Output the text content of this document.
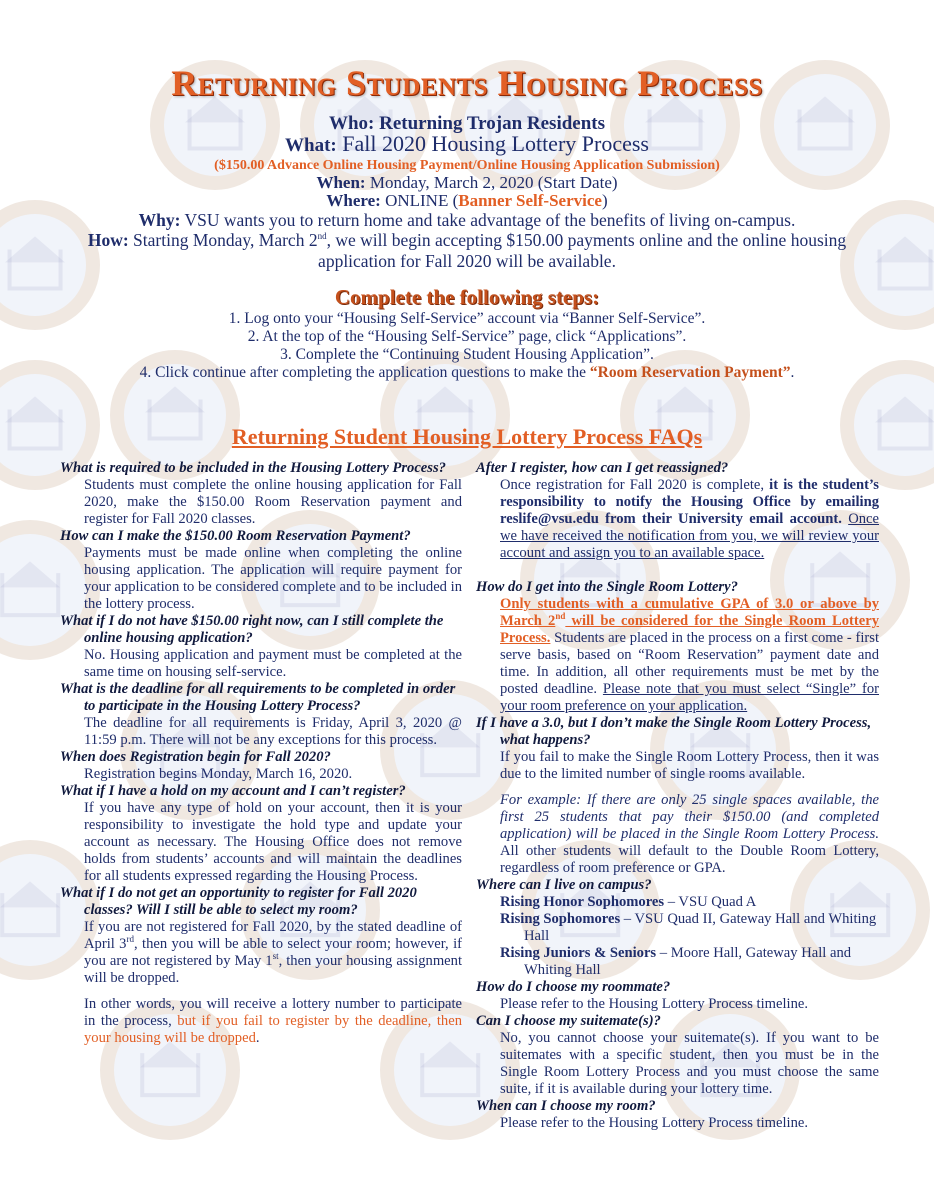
Returning Students Housing Process
Who: Returning Trojan Residents
What: Fall 2020 Housing Lottery Process
($150.00 Advance Online Housing Payment/Online Housing Application Submission)
When: Monday, March 2, 2020 (Start Date)
Where: ONLINE (Banner Self-Service)
Why: VSU wants you to return home and take advantage of the benefits of living on-campus.
How: Starting Monday, March 2nd, we will begin accepting $150.00 payments online and the online housing
application for Fall 2020 will be available.
Complete the following steps:
1. Log onto your “Housing Self-Service” account via “Banner Self-Service”.
2. At the top of the “Housing Self-Service” page, click “Applications”.
3. Complete the “Continuing Student Housing Application”.
4. Click continue after completing the application questions to make the “Room Reservation Payment”.
Returning Student Housing Lottery Process FAQs

What is required to be included in the Housing Lottery Process?

Students must complete the online housing application for Fall 2020, make the $150.00 Room Reservation payment and register for Fall 2020 classes.

How can I make the $150.00 Room Reservation Payment?

Payments must be made online when completing the online housing application. The application will require payment for your application to be considered complete and to be included in the lottery process.

What if I do not have $150.00 right now, can I still complete the online housing application?

No. Housing application and payment must be completed at the same time on housing self-service.

What is the deadline for all requirements to be completed in order to participate in the Housing Lottery Process?

The deadline for all requirements is Friday, April 3, 2020 @ 11:59 p.m. There will not be any exceptions for this process.

When does Registration begin for Fall 2020?

Registration begins Monday, March 16, 2020.

What if I have a hold on my account and I can’t register?

If you have any type of hold on your account, then it is your responsibility to investigate the hold type and update your account as necessary. The Housing Office does not remove holds from students’ accounts and will maintain the deadlines for all students expressed regarding the Housing Process.

What if I do not get an opportunity to register for Fall 2020 classes? Will I still be able to select my room?

If you are not registered for Fall 2020, by the stated deadline of April 3rd, then you will be able to select your room; however, if you are not registered by May 1st, then your housing assignment will be dropped.

In other words, you will receive a lottery number to participate in the process, but if you fail to register by the deadline, then your housing will be dropped.

After I register, how can I get reassigned?

Once registration for Fall 2020 is complete, it is the student’s responsibility to notify the Housing Office by emailing reslife@vsu.edu from their University email account. Once we have received the notification from you, we will review your account and assign you to an available space.

How do I get into the Single Room Lottery?

Only students with a cumulative GPA of 3.0 or above by March 2nd will be considered for the Single Room Lottery Process. Students are placed in the process on a first come - first serve basis, based on “Room Reservation” payment date and time. In addition, all other requirements must be met by the posted deadline. Please note that you must select “Single” for your room preference on your application.

If I have a 3.0, but I don’t make the Single Room Lottery Process, what happens?

If you fail to make the Single Room Lottery Process, then it was due to the limited number of single rooms available.

For example: If there are only 25 single spaces available, the first 25 students that pay their $150.00 (and completed application) will be placed in the Single Room Lottery Process. All other students will default to the Double Room Lottery, regardless of room preference or GPA.

Where can I live on campus?

Rising Honor Sophomores – VSU Quad A

Rising Sophomores – VSU Quad II, Gateway Hall and Whiting Hall

Rising Juniors & Seniors – Moore Hall, Gateway Hall and Whiting Hall

How do I choose my roommate?

Please refer to the Housing Lottery Process timeline.

Can I choose my suitemate(s)?

No, you cannot choose your suitemate(s). If you want to be suitemates with a specific student, then you must be in the Single Room Lottery Process and you must choose the same suite, if it is available during your lottery time.

When can I choose my room?

Please refer to the Housing Lottery Process timeline.
